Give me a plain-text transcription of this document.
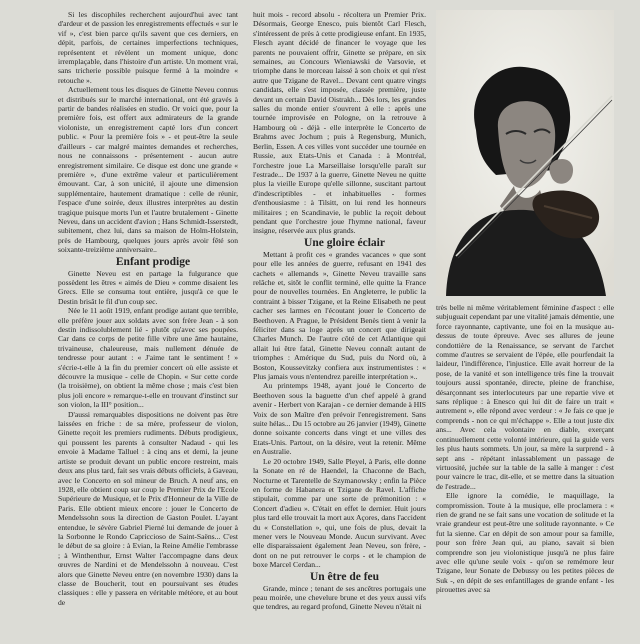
Si les discophiles recherchent aujourd'hui avec tant d'ardeur et de passion les enregistrements effectués « sur le vif », c'est bien parce qu'ils savent que ces derniers, en dépit, parfois, de certaines imperfections techniques, représentent et révèlent un moment unique, donc irremplaçable, dans l'histoire d'un artiste. Un moment vrai, sans tricherie possible puisque fermé à la moindre « retouche ».

Actuellement tous les disques de Ginette Neveu connus et distribués sur le marché international, ont été gravés à partir de bandes réalisées en studio. Or voici que, pour la première fois, est offert aux admirateurs de la grande violoniste, un enregistrement capté lors d'un concert public. « Pour la première fois » - et peut-être la seule d'ailleurs - car malgré maintes demandes et recherches, nous ne connaissons - présentement - aucun autre enregistrement similaire. Ce disque est donc une grande « première », d'une extrême valeur et particulièrement émouvant. Car, à son unicité, il ajoute une dimension supplémentaire, hautement dramatique : celle de réunir, l'espace d'une soirée, deux illustres interprètes au destin tragique puisque morts l'un et l'autre brutalement - Ginette Neveu, dans un accident d'avion ; Hans Schmidt-Isserstedt, subitement, chez lui, dans sa maison de Holm-Holstein, près de Hambourg, quelques jours après avoir fêté son soixante-treizième anniversaire..

Enfant prodige

Ginette Neveu est en partage la fulgurance que possèdent les êtres « aimés de Dieu » comme disaient les Grecs. Elle se consuma tout entière, jusqu'à ce que le Destin brisât le fil d'un coup sec.

Née le 11 août 1919, enfant prodige autant que terrible, elle préfère jouer aux soldats avec son frère Jean - à son destin indissolublement lié - plutôt qu'avec ses poupées. Car dans ce corps de petite fille vibre une âme hautaine, trivaineuse, chaleureuse, mais nullement dénuée de tendresse pour autant : « J'aime tant le sentiment ! » s'écrie-t-elle à la fin du premier concert où elle assiste et découvre la musique - celle de Chopin. « Sur cette corde (la troisième), on obtient la même chose ; mais c'est bien plus joli encore » remarque-t-elle en trouvant d'instinct sur son violon, la III° position...

D'aussi remarquables dispositions ne doivent pas être laissées en friche : de sa mère, professeur de violon, Ginette reçoit les premiers rudiments. Débuts prodigieux, qui poussent les parents à consulter Nadaud - qui les envoie à Madame Talluel : à cinq ans et demi, la jeune artiste se produit devant un public encore restreint, mais deux ans plus tard, fait ses vrais débuts officiels, à Gaveau, avec le Concerto en sol mineur de Bruch. A neuf ans, en 1928, elle obtient coup sur coup le Premier Prix de l'Ecole Supérieure de Musique, et le Prix d'Honneur de la Ville de Paris. Elle obtient mieux encore : jouer le Concerto de Mendelssohn sous la direction de Gaston Poulet. L'ayant entendue, le sévère Gabriel Pierné lui demande de jouer à la Sorbonne le Rondo Capriccioso de Saint-Saëns... C'est le début de sa gloire : à Evian, la Reine Amélie l'embrasse ; à Winthenthur, Ernst Walter l'accompagne dans deux œuvres de Nardini et de Mendelssohn à nouveau. C'est alors que Ginette Neveu entre (en novembre 1930) dans la classe de Boucherit, tout en poursuivant ses études classiques : elle y passera en véritable météore, et au bout de

huit mois - record absolu - récoltera un Premier Prix. Désormais, George Enesco, puis bientôt Carl Flesch, s'intéressent de près à cette prodigieuse enfant. En 1935, Flesch ayant décidé de financer le voyage que les parents ne pouvaient offrir, Ginette se prépare, en six semaines, au Concours Wieniawski de Varsovie, et triomphe dans le morceau laissé à son choix et qui n'est autre que Tzigane de Ravel... Devant cent quatre vingts candidats, elle s'est imposée, classée première, juste devant un certain David Oistrakh... Dès lors, les grandes salles du monde entier s'ouvrent à elle : après une tournée improvisée en Pologne, on la retrouve à Hambourg où - déjà - elle interprète le Concerto de Brahms avec Jochum ; puis à Regensburg, Munich, Berlin, Essen. A ces villes vont succéder une tournée en Russie, aux Etats-Unis et Canada : à Montréal, l'orchestre joue La Marseillaise lorsqu'elle paraît sur l'estrade... De 1937 à la guerre, Ginette Neveu ne quitte plus la vieille Europe qu'elle sillonne, suscitant partout d'indescriptibles - et inhabituelles - formes d'enthousiasme : à Tilsitt, on lui rend les honneurs militaires ; en Scandinavie, le public la reçoit debout pendant que l'orchestre joue l'hymne national, faveur insigne, réservée aux plus grands.

Une gloire éclair

Mettant à profit ces « grandes vacances » que sont pour elle les années de guerre, refusant en 1941 des cachets « allemands », Ginette Neveu travaille sans relâche et, sitôt le conflit terminé, elle quitte la France pour de nouvelles tournées. En Angleterre, le public la contraint à bisser Tzigane, et la Reine Elisabeth ne peut cacher ses larmes en l'écoutant jouer le Concerto de Beethoven. A Prague, le Président Benès tient à venir la féliciter dans sa loge après un concert que dirigeait Charles Munch. De l'autre côté de cet Atlantique qui allait lui être fatal, Ginette Neveu connaît autant de triomphes : Amérique du Sud, puis du Nord où, à Boston, Koussevitzky confiera aux instrumentistes : « Plus jamais vous n'entendrez pareille interprétation »..

Au printemps 1948, ayant joué le Concerto de Beethoven sous la baguette d'un chef appelé à grand avenir - Herbert von Karajan - ce dernier demande à HIS Voix de son Maître d'en prévoir l'enregistrement. Sans suite hélas... Du 15 octobre au 26 janvier (1949), Ginette donne soixante concerts dans vingt et une villes des Etats-Unis. Partout, on la désire, veut la retenir. Même en Australie.

Le 20 octobre 1949, Salle Pleyel, à Paris, elle donne la Sonate en ré de Haendel, la Chaconne de Bach, Nocturne et Tarentelle de Szymanowsky ; enfin la Pièce en forme de Habanera et Tzigane de Ravel. L'affiche stipulait, comme par une sorte de prémonition : « Concert d'adieu ». C'était en effet le dernier. Huit jours plus tard elle trouvait la mort aux Açores, dans l'accident du « Constellation », qui, une fois de plus, devait la mener vers le Nouveau Monde. Aucun survivant. Avec elle disparaissaient également Jean Neveu, son frère, - dont on ne put retrouver le corps - et le champion de boxe Marcel Cerdan...

Un être de feu

Grande, mince ; tenant de ses ancêtres portugais une peau moirée, une chevelure brune et des yeux aussi vifs que tendres, au regard profond, Ginette Neveu n'était ni

très belle ni même véritablement féminine d'aspect : elle subjuguait cependant par une vitalité jamais démentie, une force rayonnante, captivante, une foi en la musique au-dessus de toute épreuve. Avec ses allures de jeune condottière de la Renaissance, se servant de l'archet comme d'autres se servaient de l'épée, elle pourfendait la laideur, l'indifférence, l'injustice. Elle avait horreur de la pose, de la vanité et son intelligence très fine la trouvait toujours aussi spontanée, directe, pleine de franchise, désarçonnant ses interlocuteurs par une repartie vive et sans réplique : à Enesco qui lui dit de faire un trait « autrement », elle répond avec verdeur : « Je fais ce que je comprends - non ce qui m'échappe ». Elle a tout juste dix ans... Avec cela volontaire en diable, exerçant continuellement cette volonté intérieure, qui la guide vers les plus hauts sommets. Un jour, sa mère la surprend - à sept ans - répétant inlassablement un passage de virtuosité, juchée sur la table de la salle à manger : c'est pour vaincre le trac, dit-elle, et se mettre dans la situation de l'estrade...

Elle ignore la comédie, le maquillage, la compromission. Toute à la musique, elle proclamera : « rien de grand ne se fait sans une vocation de solitude et la vraie grandeur est peut-être une solitude rayonnante. » Ce fut la sienne. Car en dépit de son amour pour sa famille, pour son frère Jean qui, au piano, savait si bien comprendre son jeu violonistique jusqu'à ne plus faire avec elle qu'une seule voix - qu'on se remémore leur Tzigane, leur Sonate de Debussy ou les petites pièces de Suk -, en dépit de ses enfantillages de grande enfant - les pirouettes avec sa
